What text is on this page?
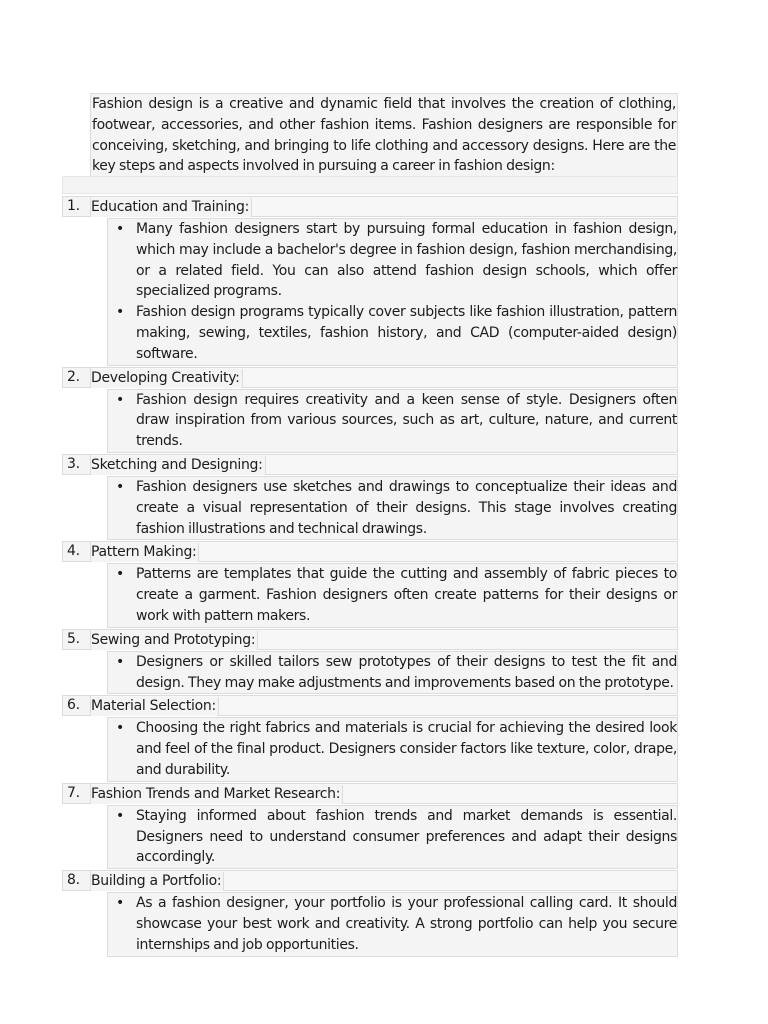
Fashion design is a creative and dynamic field that involves the creation of clothing, footwear, accessories, and other fashion items. Fashion designers are responsible for conceiving, sketching, and bringing to life clothing and accessory designs. Here are the key steps and aspects involved in pursuing a career in fashion design:
1. Education and Training:
• Many fashion designers start by pursuing formal education in fashion design, which may include a bachelor's degree in fashion design, fashion merchandising, or a related field. You can also attend fashion design schools, which offer specialized programs.
• Fashion design programs typically cover subjects like fashion illustration, pattern making, sewing, textiles, fashion history, and CAD (computer-aided design) software.
2. Developing Creativity:
• Fashion design requires creativity and a keen sense of style. Designers often draw inspiration from various sources, such as art, culture, nature, and current trends.
3. Sketching and Designing:
• Fashion designers use sketches and drawings to conceptualize their ideas and create a visual representation of their designs. This stage involves creating fashion illustrations and technical drawings.
4. Pattern Making:
• Patterns are templates that guide the cutting and assembly of fabric pieces to create a garment. Fashion designers often create patterns for their designs or work with pattern makers.
5. Sewing and Prototyping:
• Designers or skilled tailors sew prototypes of their designs to test the fit and design. They may make adjustments and improvements based on the prototype.
6. Material Selection:
• Choosing the right fabrics and materials is crucial for achieving the desired look and feel of the final product. Designers consider factors like texture, color, drape, and durability.
7. Fashion Trends and Market Research:
• Staying informed about fashion trends and market demands is essential. Designers need to understand consumer preferences and adapt their designs accordingly.
8. Building a Portfolio:
• As a fashion designer, your portfolio is your professional calling card. It should showcase your best work and creativity. A strong portfolio can help you secure internships and job opportunities.
